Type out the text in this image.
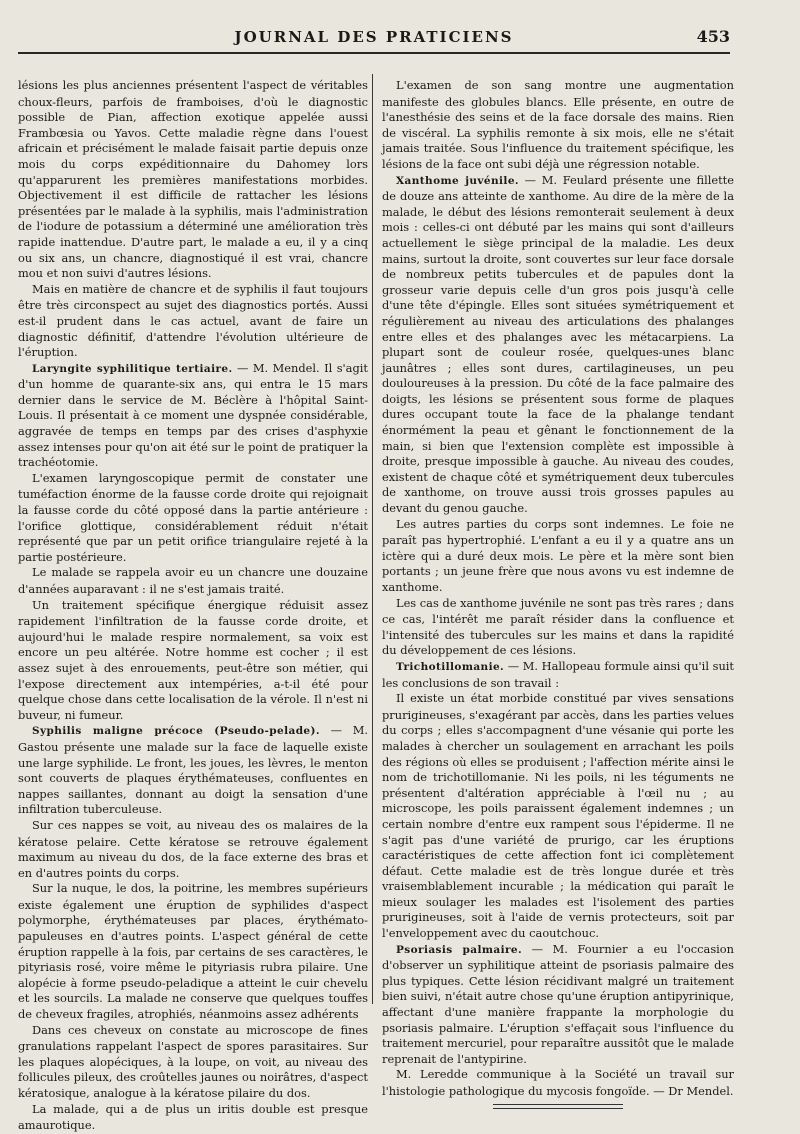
JOURNAL DES PRATICIENS	453

lésions les plus anciennes présentent l'aspect de véritables choux-fleurs, parfois de framboises, d'où le diagnostic possible de Pian, affection exotique appelée aussi Frambœsia ou Yavos. Cette maladie règne dans l'ouest africain et précisément le malade faisait partie depuis onze mois du corps expéditionnaire du Dahomey lors qu'apparurent les premières manifestations morbides. Objectivement il est difficile de rattacher les lésions présentées par le malade à la syphilis, mais l'administration de l'iodure de potassium a déterminé une amélioration très rapide inattendue. D'autre part, le malade a eu, il y a cinq ou six ans, un chancre, diagnostiqué il est vrai, chancre mou et non suivi d'autres lésions.

Mais en matière de chancre et de syphilis il faut toujours être très circonspect au sujet des diagnostics portés. Aussi est-il prudent dans le cas actuel, avant de faire un diagnostic définitif, d'attendre l'évolution ultérieure de l'éruption.

Laryngite syphilitique tertiaire. — M. Mendel. Il s'agit d'un homme de quarante-six ans, qui entra le 15 mars dernier dans le service de M. Béclère à l'hôpital Saint-Louis. Il présentait à ce moment une dyspnée considérable, aggravée de temps en temps par des crises d'asphyxie assez intenses pour qu'on ait été sur le point de pratiquer la trachéotomie.

L'examen laryngoscopique permit de constater une tuméfaction énorme de la fausse corde droite qui rejoignait la fausse corde du côté opposé dans la partie antérieure : l'orifice glottique, considérablement réduit n'était représenté que par un petit orifice triangulaire rejeté à la partie postérieure.

Le malade se rappela avoir eu un chancre une douzaine d'années auparavant : il ne s'est jamais traité.

Un traitement spécifique énergique réduisit assez rapidement l'infiltration de la fausse corde droite, et aujourd'hui le malade respire normalement, sa voix est encore un peu altérée. Notre homme est cocher ; il est assez sujet à des enrouements, peut-être son métier, qui l'expose directement aux intempéries, a-t-il été pour quelque chose dans cette localisation de la vérole. Il n'est ni buveur, ni fumeur.

Syphilis maligne précoce (Pseudo-pelade). — M. Gastou présente une malade sur la face de laquelle existe une large syphilide. Le front, les joues, les lèvres, le menton sont couverts de plaques érythémateuses, confluentes en nappes saillantes, donnant au doigt la sensation d'une infiltration tuberculeuse.

Sur ces nappes se voit, au niveau des os malaires de la kératose pelaire. Cette kératose se retrouve également maximum au niveau du dos, de la face externe des bras et en d'autres points du corps.

Sur la nuque, le dos, la poitrine, les membres supérieurs existe également une éruption de syphilides d'aspect polymorphe, érythémateuses par places, érythémato-papuleuses en d'autres points. L'aspect général de cette éruption rappelle à la fois, par certains de ses caractères, le pityriasis rosé, voire même le pityriasis rubra pilaire. Une alopécie à forme pseudo-peladique a atteint le cuir chevelu et les sourcils. La malade ne conserve que quelques touffes de cheveux fragiles, atrophiés, néanmoins assez adhérents

Dans ces cheveux on constate au microscope de fines granulations rappelant l'aspect de spores parasitaires. Sur les plaques alopéciques, à la loupe, on voit, au niveau des follicules pileux, des croûtelles jaunes ou noirâtres, d'aspect kératosique, analogue à la kératose pilaire du dos.

La malade, qui a de plus un iritis double est presque amaurotique.

L'examen de son sang montre une augmentation manifeste des globules blancs. Elle présente, en outre de l'anesthésie des seins et de la face dorsale des mains. Rien de viscéral. La syphilis remonte à six mois, elle ne s'était jamais traitée. Sous l'influence du traitement spécifique, les lésions de la face ont subi déjà une régression notable.

Xanthome juvénile. — M. Feulard présente une fillette de douze ans atteinte de xanthome. Au dire de la mère de la malade, le début des lésions remonterait seulement à deux mois : celles-ci ont débuté par les mains qui sont d'ailleurs actuellement le siège principal de la maladie. Les deux mains, surtout la droite, sont couvertes sur leur face dorsale de nombreux petits tubercules et de papules dont la grosseur varie depuis celle d'un gros pois jusqu'à celle d'une tête d'épingle. Elles sont situées symétriquement et régulièrement au niveau des articulations des phalanges entre elles et des phalanges avec les métacarpiens. La plupart sont de couleur rosée, quelques-unes blanc jaunâtres ; elles sont dures, cartilagineuses, un peu douloureuses à la pression. Du côté de la face palmaire des doigts, les lésions se présentent sous forme de plaques dures occupant toute la face de la phalange tendant énormément la peau et gênant le fonctionnement de la main, si bien que l'extension complète est impossible à droite, presque impossible à gauche. Au niveau des coudes, existent de chaque côté et symétriquement deux tubercules de xanthome, on trouve aussi trois grosses papules au devant du genou gauche.

Les autres parties du corps sont indemnes. Le foie ne paraît pas hypertrophié. L'enfant a eu il y a quatre ans un ictère qui a duré deux mois. Le père et la mère sont bien portants ; un jeune frère que nous avons vu est indemne de xanthome.

Les cas de xanthome juvénile ne sont pas très rares ; dans ce cas, l'intérêt me paraît résider dans la confluence et l'intensité des tubercules sur les mains et dans la rapidité du développement de ces lésions.

Trichotillomanie. — M. Hallopeau formule ainsi qu'il suit les conclusions de son travail :

Il existe un état morbide constitué par vives sensations prurigineuses, s'exagérant par accès, dans les parties velues du corps ; elles s'accompagnent d'une vésanie qui porte les malades à chercher un soulagement en arrachant les poils des régions où elles se produisent ; l'affection mérite ainsi le nom de trichotillomanie. Ni les poils, ni les téguments ne présentent d'altération appréciable à l'œil nu ; au microscope, les poils paraissent également indemnes ; un certain nombre d'entre eux rampent sous l'épiderme. Il ne s'agit pas d'une variété de prurigo, car les éruptions caractéristiques de cette affection font ici complètement défaut. Cette maladie est de très longue durée et très vraisemblablement incurable ; la médication qui paraît le mieux soulager les malades est l'isolement des parties prurigineuses, soit à l'aide de vernis protecteurs, soit par l'enveloppement avec du caoutchouc.

Psoriasis palmaire. — M. Fournier a eu l'occasion d'observer un syphilitique atteint de psoriasis palmaire des plus typiques. Cette lésion récidivant malgré un traitement bien suivi, n'était autre chose qu'une éruption antipyrinique, affectant d'une manière frappante la morphologie du psoriasis palmaire. L'éruption s'effaçait sous l'influence du traitement mercuriel, pour reparaître aussitôt que le malade reprenait de l'antypirine.

M. Leredde communique à la Société un travail sur l'histologie pathologique du mycosis fongoïde. — Dr Mendel.
